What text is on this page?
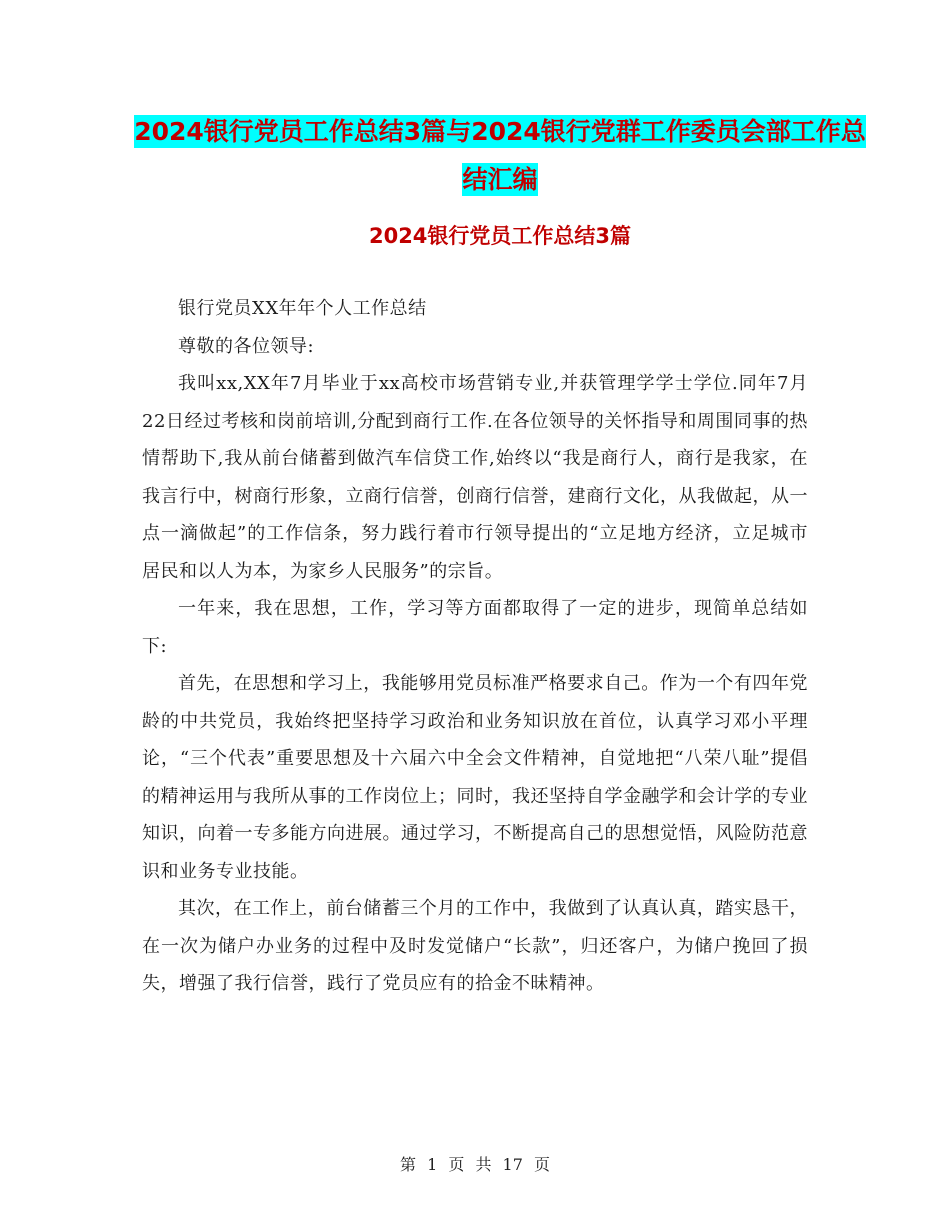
2024银行党员工作总结3篇与2024银行党群工作委员会部工作总结汇编
2024银行党员工作总结3篇

银行党员XX年年个人工作总结

尊敬的各位领导:

我叫xx,XX年7月毕业于xx高校市场营销专业,并获管理学学士学位.同年7月22日经过考核和岗前培训,分配到商行工作.在各位领导的关怀指导和周围同事的热情帮助下,我从前台储蓄到做汽车信贷工作,始终以“我是商行人，商行是我家，在我言行中，树商行形象，立商行信誉，创商行信誉，建商行文化，从我做起，从一点一滴做起”的工作信条，努力践行着市行领导提出的“立足地方经济，立足城市居民和以人为本，为家乡人民服务”的宗旨。

一年来，我在思想，工作，学习等方面都取得了一定的进步，现简单总结如下:

首先，在思想和学习上，我能够用党员标准严格要求自己。作为一个有四年党龄的中共党员，我始终把坚持学习政治和业务知识放在首位，认真学习邓小平理论，“三个代表”重要思想及十六届六中全会文件精神，自觉地把“八荣八耻”提倡的精神运用与我所从事的工作岗位上；同时，我还坚持自学金融学和会计学的专业知识，向着一专多能方向进展。通过学习，不断提高自己的思想觉悟，风险防范意识和业务专业技能。

其次，在工作上，前台储蓄三个月的工作中，我做到了认真认真，踏实恳干，在一次为储户办业务的过程中及时发觉储户“长款”，归还客户，为储户挽回了损失，增强了我行信誉，践行了党员应有的拾金不昧精神。

第 1 页 共 17 页
